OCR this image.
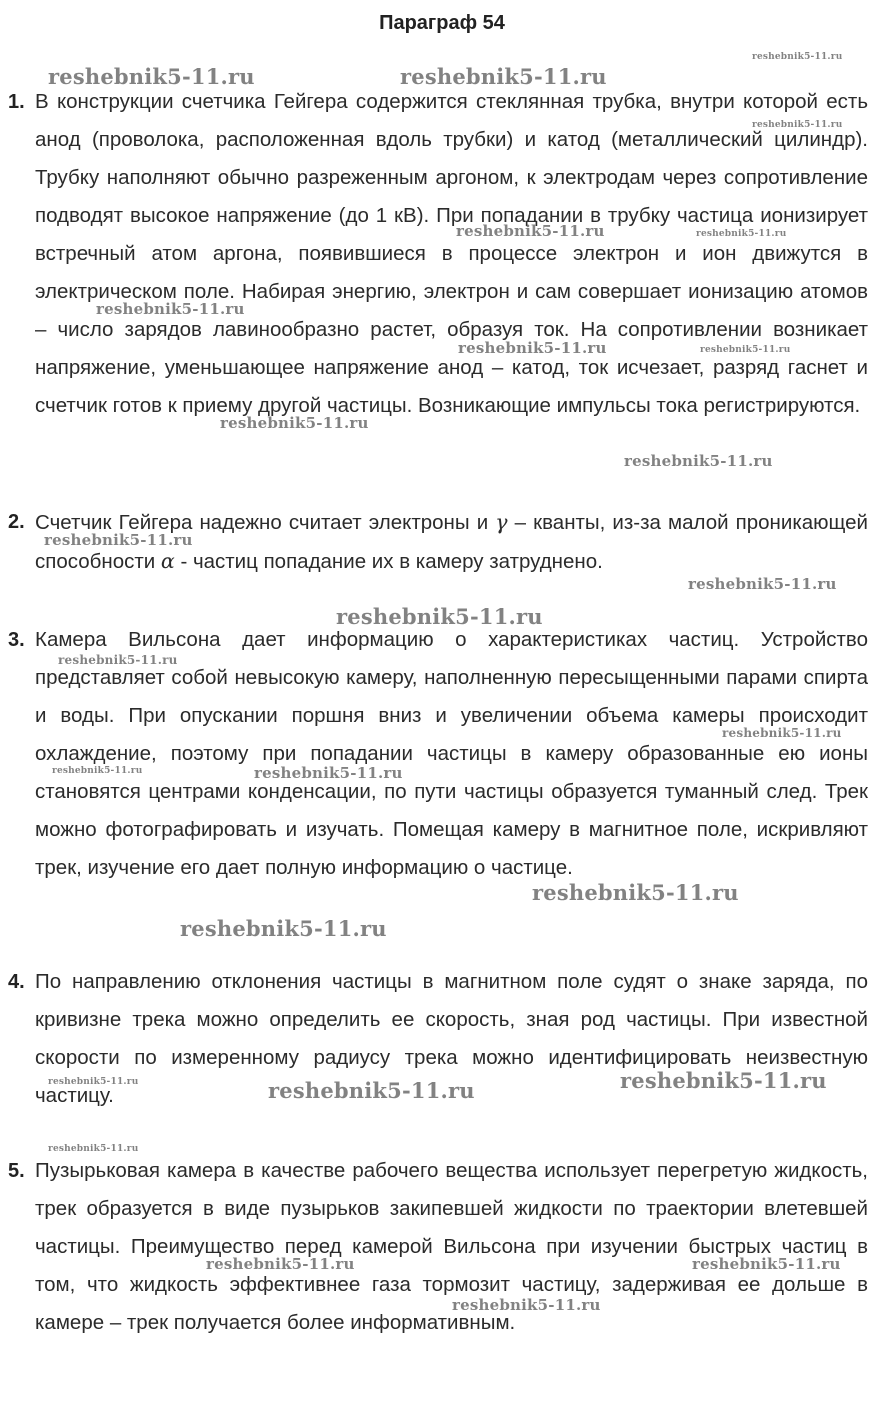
Параграф 54
1. В конструкции счетчика Гейгера содержится стеклянная трубка, внутри которой есть анод (проволока, расположенная вдоль трубки) и катод (металлический цилиндр). Трубку наполняют обычно разреженным аргоном, к электродам через сопротивление подводят высокое напряжение (до 1 кВ). При попадании в трубку частица ионизирует встречный атом аргона, появившиеся в процессе электрон и ион движутся в электрическом поле. Набирая энергию, электрон и сам совершает ионизацию атомов – число зарядов лавинообразно растет, образуя ток. На сопротивлении возникает напряжение, уменьшающее напряжение анод – катод, ток исчезает, разряд гаснет и счетчик готов к приему другой частицы. Возникающие импульсы тока регистрируются.
2. Счетчик Гейгера надежно считает электроны и γ – кванты, из-за малой проникающей способности α - частиц попадание их в камеру затруднено.
3. Камера Вильсона дает информацию о характеристиках частиц. Устройство представляет собой невысокую камеру, наполненную пересыщенными парами спирта и воды. При опускании поршня вниз и увеличении объема камеры происходит охлаждение, поэтому при попадании частицы в камеру образованные ею ионы становятся центрами конденсации, по пути частицы образуется туманный след. Трек можно фотографировать и изучать. Помещая камеру в магнитное поле, искривляют трек, изучение его дает полную информацию о частице.
4. По направлению отклонения частицы в магнитном поле судят о знаке заряда, по кривизне трека можно определить ее скорость, зная род частицы. При известной скорости по измеренному радиусу трека можно идентифицировать неизвестную частицу.
5. Пузырьковая камера в качестве рабочего вещества использует перегретую жидкость, трек образуется в виде пузырьков закипевшей жидкости по траектории влетевшей частицы. Преимущество перед камерой Вильсона при изучении быстрых частиц в том, что жидкость эффективнее газа тормозит частицу, задерживая ее дольше в камере – трек получается более информативным.
reshebnik5-11.ru
reshebnik5-11.ru	reshebnik5-11.ru
reshebnik5-11.ru
reshebnik5-11.ru	reshebnik5-11.ru
reshebnik5-11.ru
reshebnik5-11.ru	reshebnik5-11.ru
reshebnik5-11.ru
reshebnik5-11.ru
reshebnik5-11.ru
reshebnik5-11.ru
reshebnik5-11.ru
reshebnik5-11.ru
reshebnik5-11.ru
reshebnik5-11.ru	reshebnik5-11.ru
reshebnik5-11.ru
reshebnik5-11.ru
reshebnik5-11.ru	reshebnik5-11.ru
reshebnik5-11.ru
reshebnik5-11.ru
reshebnik5-11.ru	reshebnik5-11.ru
reshebnik5-11.ru
